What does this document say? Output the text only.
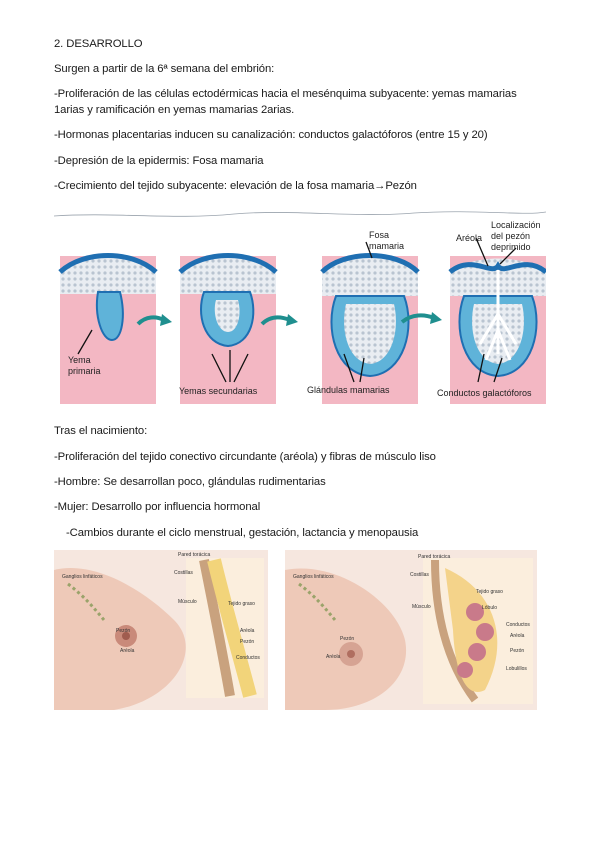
2. DESARROLLO
Surgen a partir de la 6ª semana del embrión:
-Proliferación de las células ectodérmicas hacia el mesénquima subyacente: yemas mamarias
1arias y ramificación en yemas mamarias 2arias.
-Hormonas placentarias inducen su canalización: conductos galactóforos (entre 15 y 20)
-Depresión de la epidermis: Fosa mamaria
-Crecimiento del tejido subyacente: elevación de la fosa mamaria→Pezón
Yema
primaria
Yemas secundarias
Fosa
mamaria
Glándulas mamarias
Aréola
Localización
del pezón
deprimido
Conductos galactóforos
Tras el nacimiento:
-Proliferación del tejido conectivo circundante (aréola) y fibras de músculo liso
-Hombre: Se desarrollan poco, glándulas rudimentarias
-Mujer: Desarrollo por influencia hormonal
-Cambios durante el ciclo menstrual, gestación, lactancia y menopausia
Pared torácica
Costillas
Ganglios linfáticos
Músculo	Tejido graso
Aréola
Pezón
Conductos
Pezón
Aréola
Pared torácica
Costillas
Ganglios linfáticos
Tejido graso
Músculo	Lóbulo
Conductos
Aréola
Pezón
Lobulillos
Pezón
Aréola
